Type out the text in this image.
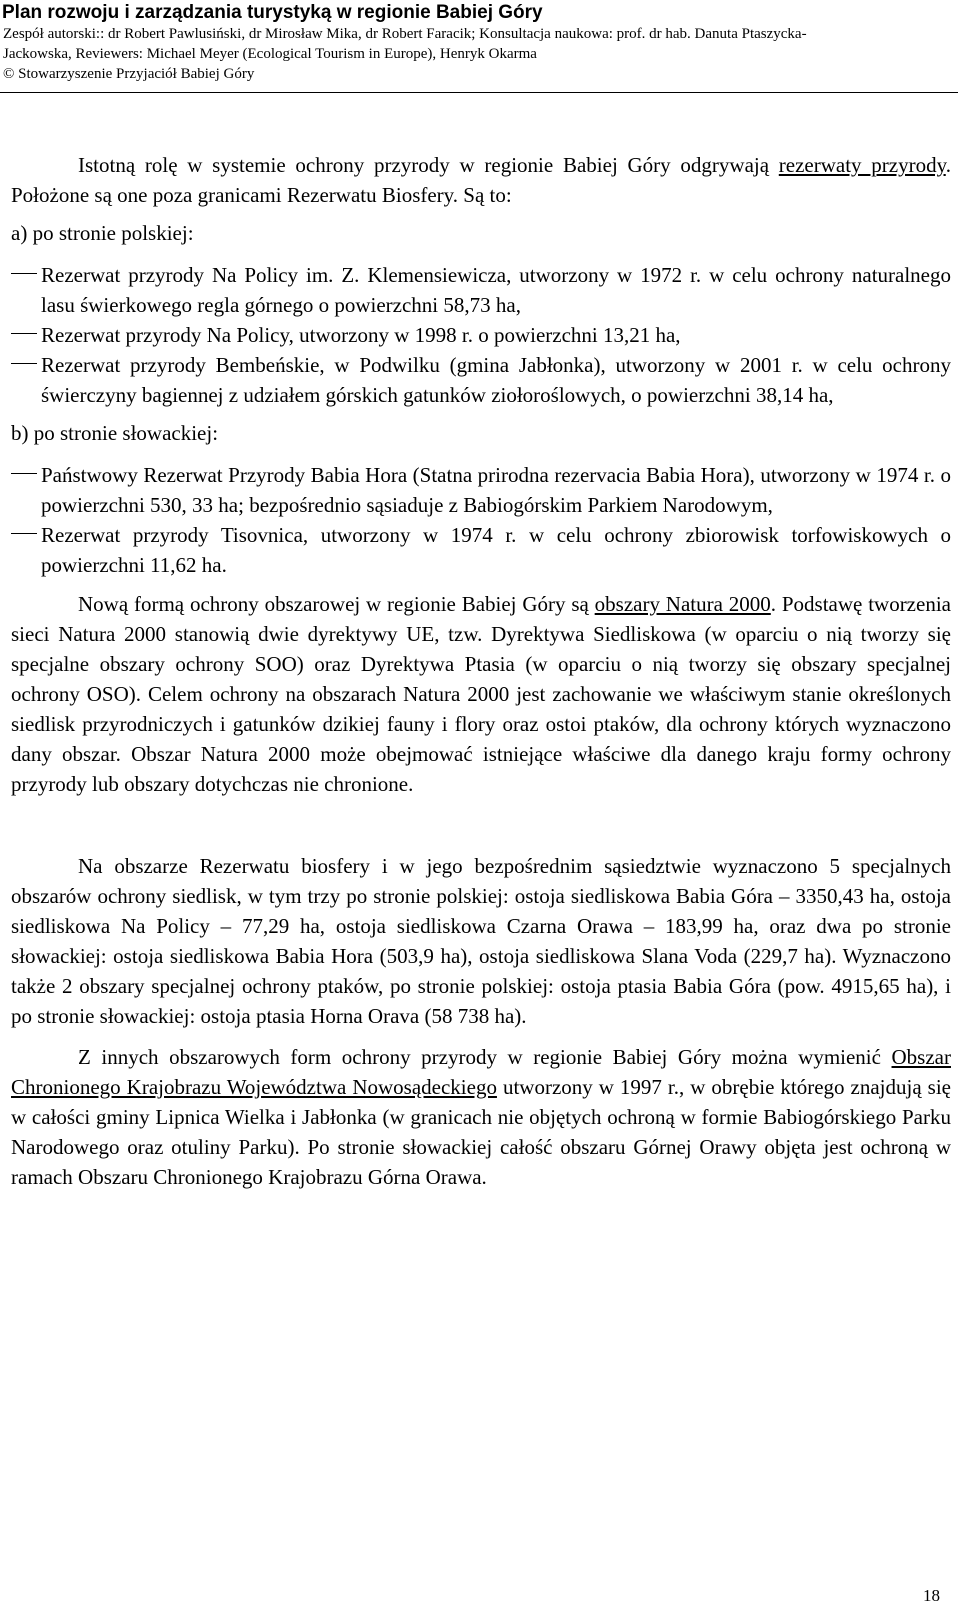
Plan rozwoju i zarządzania turystyką w regionie Babiej Góry

Zespół autorski:: dr Robert Pawlusiński, dr Mirosław Mika, dr Robert Faracik; Konsultacja naukowa: prof. dr hab. Danuta Ptaszycka-

Jackowska, Reviewers: Michael Meyer (Ecological Tourism in Europe), Henryk Okarma

© Stowarzyszenie Przyjaciół Babiej Góry

Istotną rolę w systemie ochrony przyrody w regionie Babiej Góry odgrywają rezerwaty przyrody. Położone są one poza granicami Rezerwatu Biosfery. Są to:

a) po stronie polskiej:

Rezerwat przyrody Na Policy im. Z. Klemensiewicza, utworzony w 1972 r. w celu ochrony naturalnego lasu świerkowego regla górnego o powierzchni 58,73 ha,

Rezerwat przyrody Na Policy, utworzony w 1998 r. o powierzchni 13,21 ha,

Rezerwat przyrody Bembeńskie, w Podwilku (gmina Jabłonka), utworzony w 2001 r. w celu ochrony świerczyny bagiennej z udziałem górskich gatunków ziołoroślowych, o powierzchni 38,14 ha,

b) po stronie słowackiej:

Państwowy Rezerwat Przyrody Babia Hora (Statna prirodna rezervacia Babia Hora), utworzony w 1974 r. o powierzchni 530, 33 ha; bezpośrednio sąsiaduje z Babiogórskim Parkiem Narodowym,

Rezerwat przyrody Tisovnica, utworzony w 1974 r. w celu ochrony zbiorowisk torfowiskowych o powierzchni 11,62 ha.

Nową formą ochrony obszarowej w regionie Babiej Góry są obszary Natura 2000. Podstawę tworzenia sieci Natura 2000 stanowią dwie dyrektywy UE, tzw. Dyrektywa Siedliskowa (w oparciu o nią tworzy się specjalne obszary ochrony SOO) oraz Dyrektywa Ptasia (w oparciu o nią tworzy się obszary specjalnej ochrony OSO). Celem ochrony na obszarach Natura 2000 jest zachowanie we właściwym stanie określonych siedlisk przyrodniczych i gatunków dzikiej fauny i flory oraz ostoi ptaków, dla ochrony których wyznaczono dany obszar. Obszar Natura 2000 może obejmować istniejące właściwe dla danego kraju formy ochrony przyrody lub obszary dotychczas nie chronione.

Na obszarze Rezerwatu biosfery i w jego bezpośrednim sąsiedztwie wyznaczono 5 specjalnych obszarów ochrony siedlisk, w tym trzy po stronie polskiej: ostoja siedliskowa Babia Góra – 3350,43 ha, ostoja siedliskowa Na Policy – 77,29 ha, ostoja siedliskowa Czarna Orawa – 183,99 ha, oraz dwa po stronie słowackiej: ostoja siedliskowa Babia Hora (503,9 ha), ostoja siedliskowa Slana Voda (229,7 ha). Wyznaczono także 2 obszary specjalnej ochrony ptaków, po stronie polskiej: ostoja ptasia Babia Góra (pow. 4915,65 ha), i po stronie słowackiej: ostoja ptasia Horna Orava (58 738 ha).

Z innych obszarowych form ochrony przyrody w regionie Babiej Góry można wymienić Obszar Chronionego Krajobrazu Województwa Nowosądeckiego utworzony w 1997 r., w obrębie którego znajdują się w całości gminy Lipnica Wielka i Jabłonka (w granicach nie objętych ochroną w formie Babiogórskiego Parku Narodowego oraz otuliny Parku). Po stronie słowackiej całość obszaru Górnej Orawy objęta jest ochroną w ramach Obszaru Chronionego Krajobrazu Górna Orawa.

18
